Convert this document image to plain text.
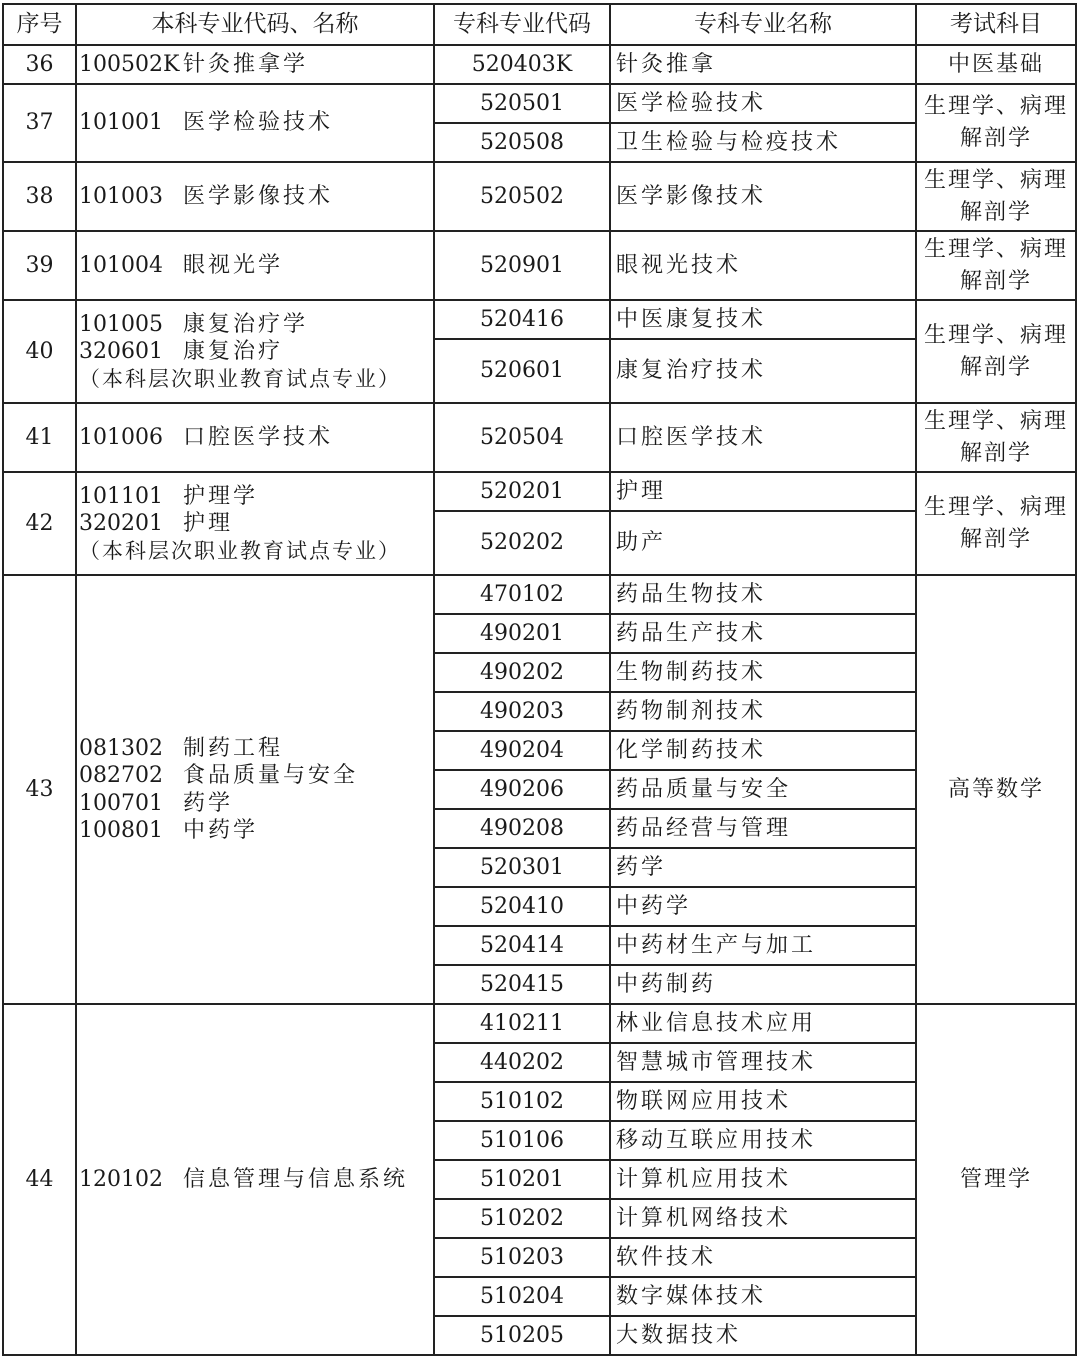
序号	本科专业代码、名称	专科专业代码	专科专业名称	考试科目
36	100502K 针灸推拿学	520403K	针灸推拿	中医基础

37	101001 医学检验技术	520501	医学检验技术	生理学、病理
解剖学

		520508	卫生检验与检疫技术	
38	101003 医学影像技术	520502	医学影像技术	生理学、病理
解剖学

39	101004 眼视光学	520901	眼视光技术	生理学、病理
解剖学

40	101005 康复治疗学
320601 康复治疗
（本科层次职业教育试点专业）	520416	中医康复技术	生理学、病理
解剖学

		520601	康复治疗技术	
41	101006 口腔医学技术	520504	口腔医学技术	生理学、病理
解剖学

42	101101 护理学
320201 护理
（本科层次职业教育试点专业）	520201	护理	生理学、病理
解剖学

		520202	助产	
43	081302 制药工程
082702 食品质量与安全
100701 药学
100801 中药学	470102	药品生物技术	高等数学

		490201	药品生产技术	
		490202	生物制药技术	
		490203	药物制剂技术	
		490204	化学制药技术	
		490206	药品质量与安全	
		490208	药品经营与管理	
		520301	药学	
		520410	中药学	
		520414	中药材生产与加工	
		520415	中药制药	
44	120102 信息管理与信息系统	410211	林业信息技术应用	管理学

		440202	智慧城市管理技术	
		510102	物联网应用技术	
		510106	移动互联应用技术	
		510201	计算机应用技术	
		510202	计算机网络技术	
		510203	软件技术	
		510204	数字媒体技术	
		510205	大数据技术	
